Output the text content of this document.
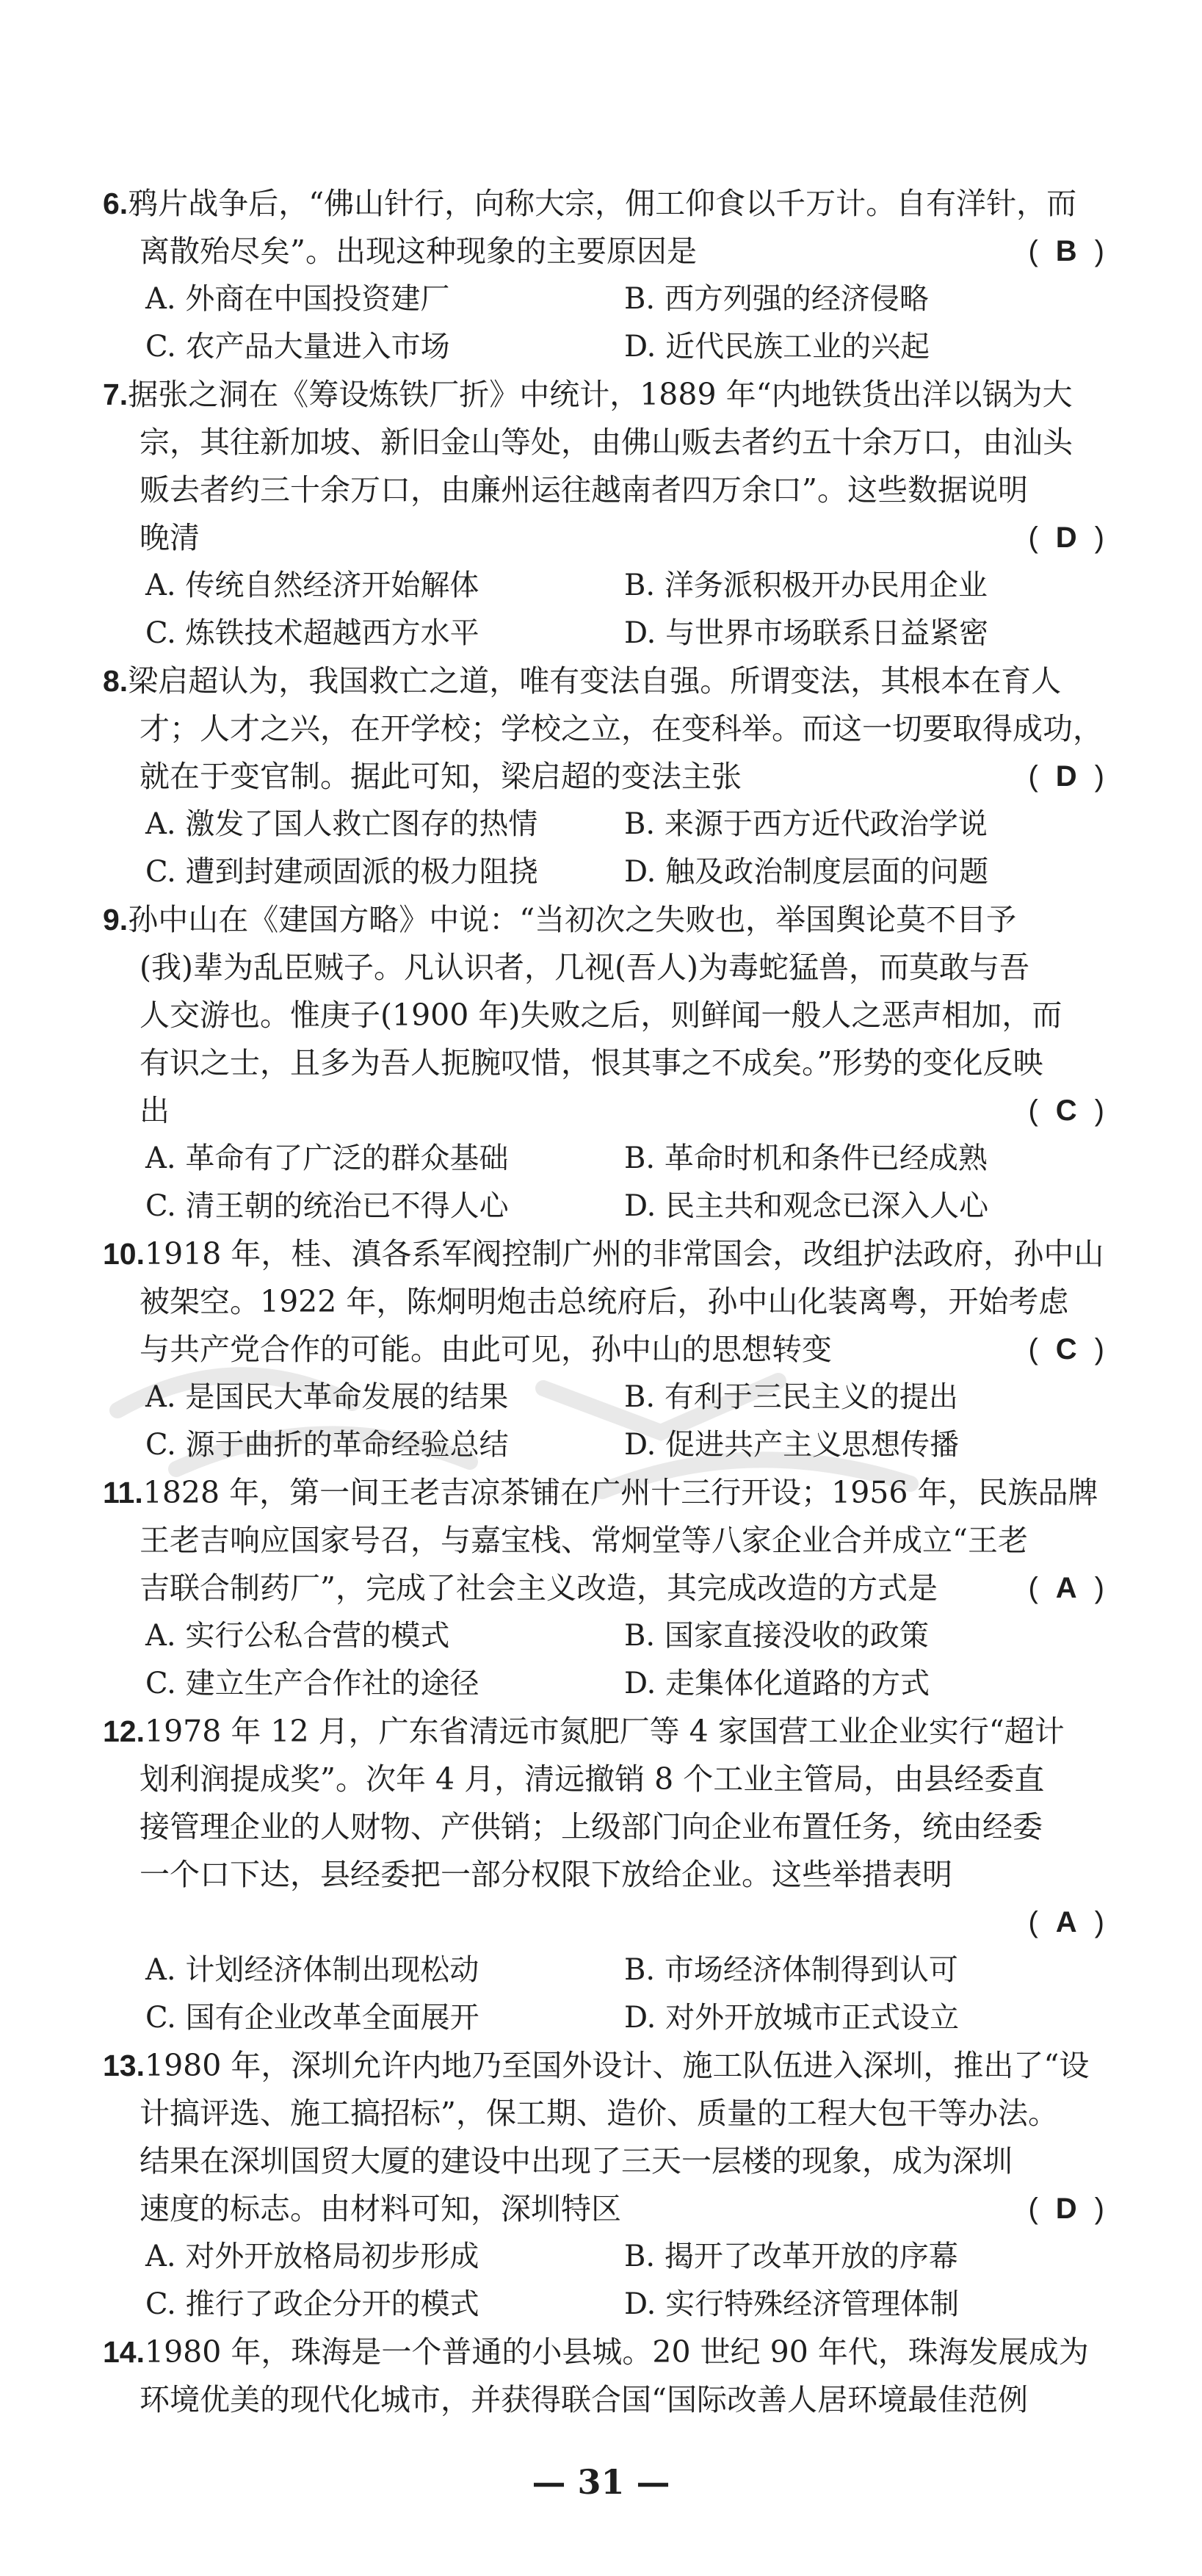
6.鸦片战争后，“佛山针行，向称大宗，佣工仰食以千万计。自有洋针，而
离散殆尽矣”。出现这种现象的主要原因是	( B )
A. 外商在中国投资建厂	B. 西方列强的经济侵略
C. 农产品大量进入市场	D. 近代民族工业的兴起
7.据张之洞在《筹设炼铁厂折》中统计，1889 年“内地铁货出洋以锅为大
宗，其往新加坡、新旧金山等处，由佛山贩去者约五十余万口，由汕头
贩去者约三十余万口，由廉州运往越南者四万余口”。这些数据说明
晚清	( D )
A. 传统自然经济开始解体	B. 洋务派积极开办民用企业
C. 炼铁技术超越西方水平	D. 与世界市场联系日益紧密
8.梁启超认为，我国救亡之道，唯有变法自强。所谓变法，其根本在育人
才；人才之兴，在开学校；学校之立，在变科举。而这一切要取得成功，
就在于变官制。据此可知，梁启超的变法主张	( D )
A. 激发了国人救亡图存的热情	B. 来源于西方近代政治学说
C. 遭到封建顽固派的极力阻挠	D. 触及政治制度层面的问题
9.孙中山在《建国方略》中说：“当初次之失败也，举国舆论莫不目予
(我)辈为乱臣贼子。凡认识者，几视(吾人)为毒蛇猛兽，而莫敢与吾
人交游也。惟庚子(1900 年)失败之后，则鲜闻一般人之恶声相加，而
有识之士，且多为吾人扼腕叹惜，恨其事之不成矣。”形势的变化反映
出	( C )
A. 革命有了广泛的群众基础	B. 革命时机和条件已经成熟
C. 清王朝的统治已不得人心	D. 民主共和观念已深入人心
10.1918 年，桂、滇各系军阀控制广州的非常国会，改组护法政府，孙中山
被架空。1922 年，陈炯明炮击总统府后，孙中山化装离粤，开始考虑
与共产党合作的可能。由此可见，孙中山的思想转变	( C )
A. 是国民大革命发展的结果	B. 有利于三民主义的提出
C. 源于曲折的革命经验总结	D. 促进共产主义思想传播
11.1828 年，第一间王老吉凉茶铺在广州十三行开设；1956 年，民族品牌
王老吉响应国家号召，与嘉宝栈、常炯堂等八家企业合并成立“王老
吉联合制药厂”，完成了社会主义改造，其完成改造的方式是	( A )
A. 实行公私合营的模式	B. 国家直接没收的政策
C. 建立生产合作社的途径	D. 走集体化道路的方式
12.1978 年 12 月，广东省清远市氮肥厂等 4 家国营工业企业实行“超计
划利润提成奖”。次年 4 月，清远撤销 8 个工业主管局，由县经委直
接管理企业的人财物、产供销；上级部门向企业布置任务，统由经委
一个口下达，县经委把一部分权限下放给企业。这些举措表明
( A )
A. 计划经济体制出现松动	B. 市场经济体制得到认可
C. 国有企业改革全面展开	D. 对外开放城市正式设立
13.1980 年，深圳允许内地乃至国外设计、施工队伍进入深圳，推出了“设
计搞评选、施工搞招标”，保工期、造价、质量的工程大包干等办法。
结果在深圳国贸大厦的建设中出现了三天一层楼的现象，成为深圳
速度的标志。由材料可知，深圳特区	( D )
A. 对外开放格局初步形成	B. 揭开了改革开放的序幕
C. 推行了政企分开的模式	D. 实行特殊经济管理体制
14.1980 年，珠海是一个普通的小县城。20 世纪 90 年代，珠海发展成为
环境优美的现代化城市，并获得联合国“国际改善人居环境最佳范例
— 31 —
